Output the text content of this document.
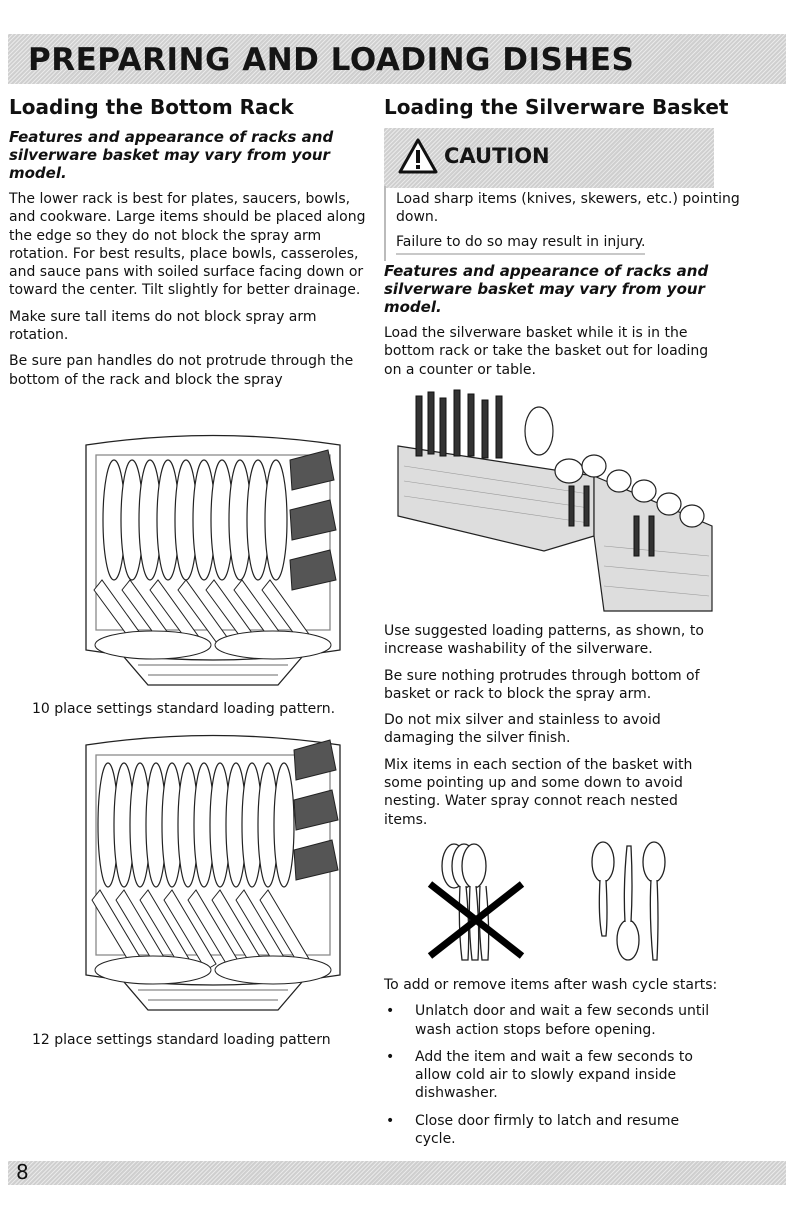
PREPARING AND LOADING DISHES
Loading the Bottom Rack

Features and appearance of racks and silverware basket may vary from your model.

The lower rack is best for plates, saucers, bowls, and cookware. Large items should be placed along the edge so they do not block the spray arm rotation. For best results, place bowls, casseroles, and sauce pans with soiled surface facing down or toward the center. Tilt slightly for better drainage.

Make sure tall items do not block spray arm rotation.

Be sure pan handles do not protrude through the bottom of the rack and block the spray

10 place settings standard loading pattern.
12 place settings standard loading pattern
Loading the Silverware Basket
CAUTION

Load sharp items (knives, skewers, etc.) pointing down.

Failure to do so may result in injury.

Features and appearance of racks and silverware basket may vary from your model.

Load the silverware basket while it is in the bottom rack or take the basket out for loading on a counter or table.

Use suggested loading patterns, as shown, to increase washability of the silverware.

Be sure nothing protrudes through bottom of basket or rack to block the spray arm.

Do not mix silver and stainless to avoid damaging the silver finish.

Mix items in each section of the basket with some pointing up and some down to avoid nesting. Water spray connot reach nested items.

To add or remove items after wash cycle starts:

• Unlatch door and wait a few seconds until wash action stops before opening.
• Add the item and wait a few seconds to allow cold air to slowly expand inside dishwasher.
• Close door firmly to latch and resume cycle.
8
